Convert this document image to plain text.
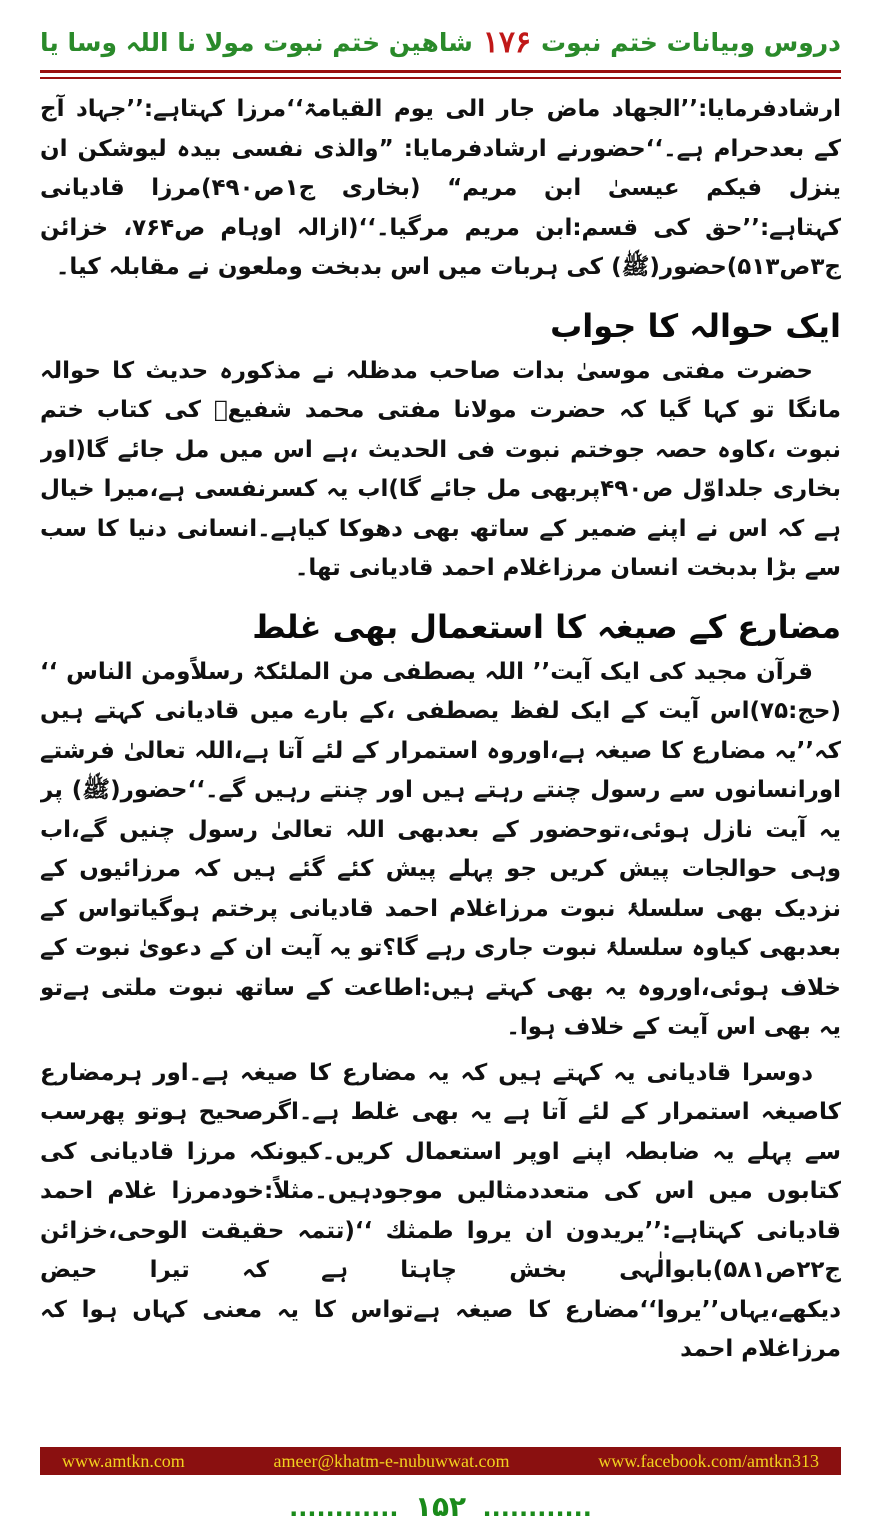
دروس وبیانات ختم نبوت
۱۷۶
شاھین ختم نبوت مولا نا اللہ وسا یا

ارشادفرمایا:’’الجھاد ماض جار الی یوم القیامۃ‘‘مرزا کہتاہے:’’جہاد آج کے بعدحرام ہے۔‘‘حضورنے ارشادفرمایا: ”والذی نفسی بیدہ لیوشکن ان ینزل فیکم عیسیٰ ابن مریم“ (بخاری ج۱ص۴۹۰)مرزا قادیانی کہتاہے:’’حق کی قسم:ابن مریم مرگیا۔‘‘(ازالہ اوہام ص۷۶۴، خزائن ج۳ص۵۱۳)حضور(ﷺ) کی ہربات میں اس بدبخت وملعون نے مقابلہ کیا۔

ایک حوالہ کا جواب

حضرت مفتی موسیٰ بدات صاحب مدظلہ نے مذکورہ حدیث کا حوالہ مانگا تو کہا گیا کہ حضرت مولانا مفتی محمد شفیعؒ کی کتاب ختم نبوت ،کاوہ حصہ جوختم نبوت فی الحدیث ،ہے اس میں مل جائے گا(اور بخاری جلداوّل ص۴۹۰پربھی مل جائے گا)اب یہ کسرنفسی ہے،میرا خیال ہے کہ اس نے اپنے ضمیر کے ساتھ بھی دھوکا کیاہے۔انسانی دنیا کا سب سے بڑا بدبخت انسان مرزاغلام احمد قادیانی تھا۔

مضارع کے صیغہ کا استعمال بھی غلط

قرآن مجید کی ایک آیت’’ اللہ یصطفی من الملئکۃ رسلاًومن الناس ‘‘ (حج:۷۵)اس آیت کے ایک لفظ یصطفی ،کے بارے میں قادیانی کہتے ہیں کہ’’یہ مضارع کا صیغہ ہے،اوروہ استمرار کے لئے آتا ہے،اللہ تعالیٰ فرشتے اورانسانوں سے رسول چنتے رہتے ہیں اور چنتے رہیں گے۔‘‘حضور(ﷺ) پر یہ آیت نازل ہوئی،توحضور کے بعدبھی اللہ تعالیٰ رسول چنیں گے،اب وہی حوالجات پیش کریں جو پہلے پیش کئے گئے ہیں کہ مرزائیوں کے نزدیک بھی سلسلۂ نبوت مرزاغلام احمد قادیانی پرختم ہوگیاتواس کے بعدبھی کیاوہ سلسلۂ نبوت جاری رہے گا؟تو یہ آیت ان کے دعویٰ نبوت کے خلاف ہوئی،اوروہ یہ بھی کہتے ہیں:اطاعت کے ساتھ نبوت ملتی ہےتو یہ بھی اس آیت کے خلاف ہوا۔

دوسرا قادیانی یہ کہتے ہیں کہ یہ مضارع کا صیغہ ہے۔اور ہرمضارع کاصیغہ استمرار کے لئے آتا ہے یہ بھی غلط ہے۔اگرصحیح ہوتو پھرسب سے پہلے یہ ضابطہ اپنے اوپر استعمال کریں۔کیونکہ مرزا قادیانی کی کتابوں میں اس کی متعددمثالیں موجودہیں۔مثلاً:خودمرزا غلام احمد قادیانی کہتاہے:’’یریدون ان یروا طمثك ‘‘(تتمہ حقیقت الوحی،خزائن ج۲۲ص۵۸۱)بابوالٰہی بخش چاہتا ہے کہ تیرا حیض دیکھے،یہاں’’یروا‘‘مضارع کا صیغہ ہےتواس کا یہ معنی کہاں ہوا کہ مرزاغلام احمد

www.amtkn.com	ameer@khatm-e-nubuwwat.com	www.facebook.com/amtkn313
............ ۱۵۲ ............
